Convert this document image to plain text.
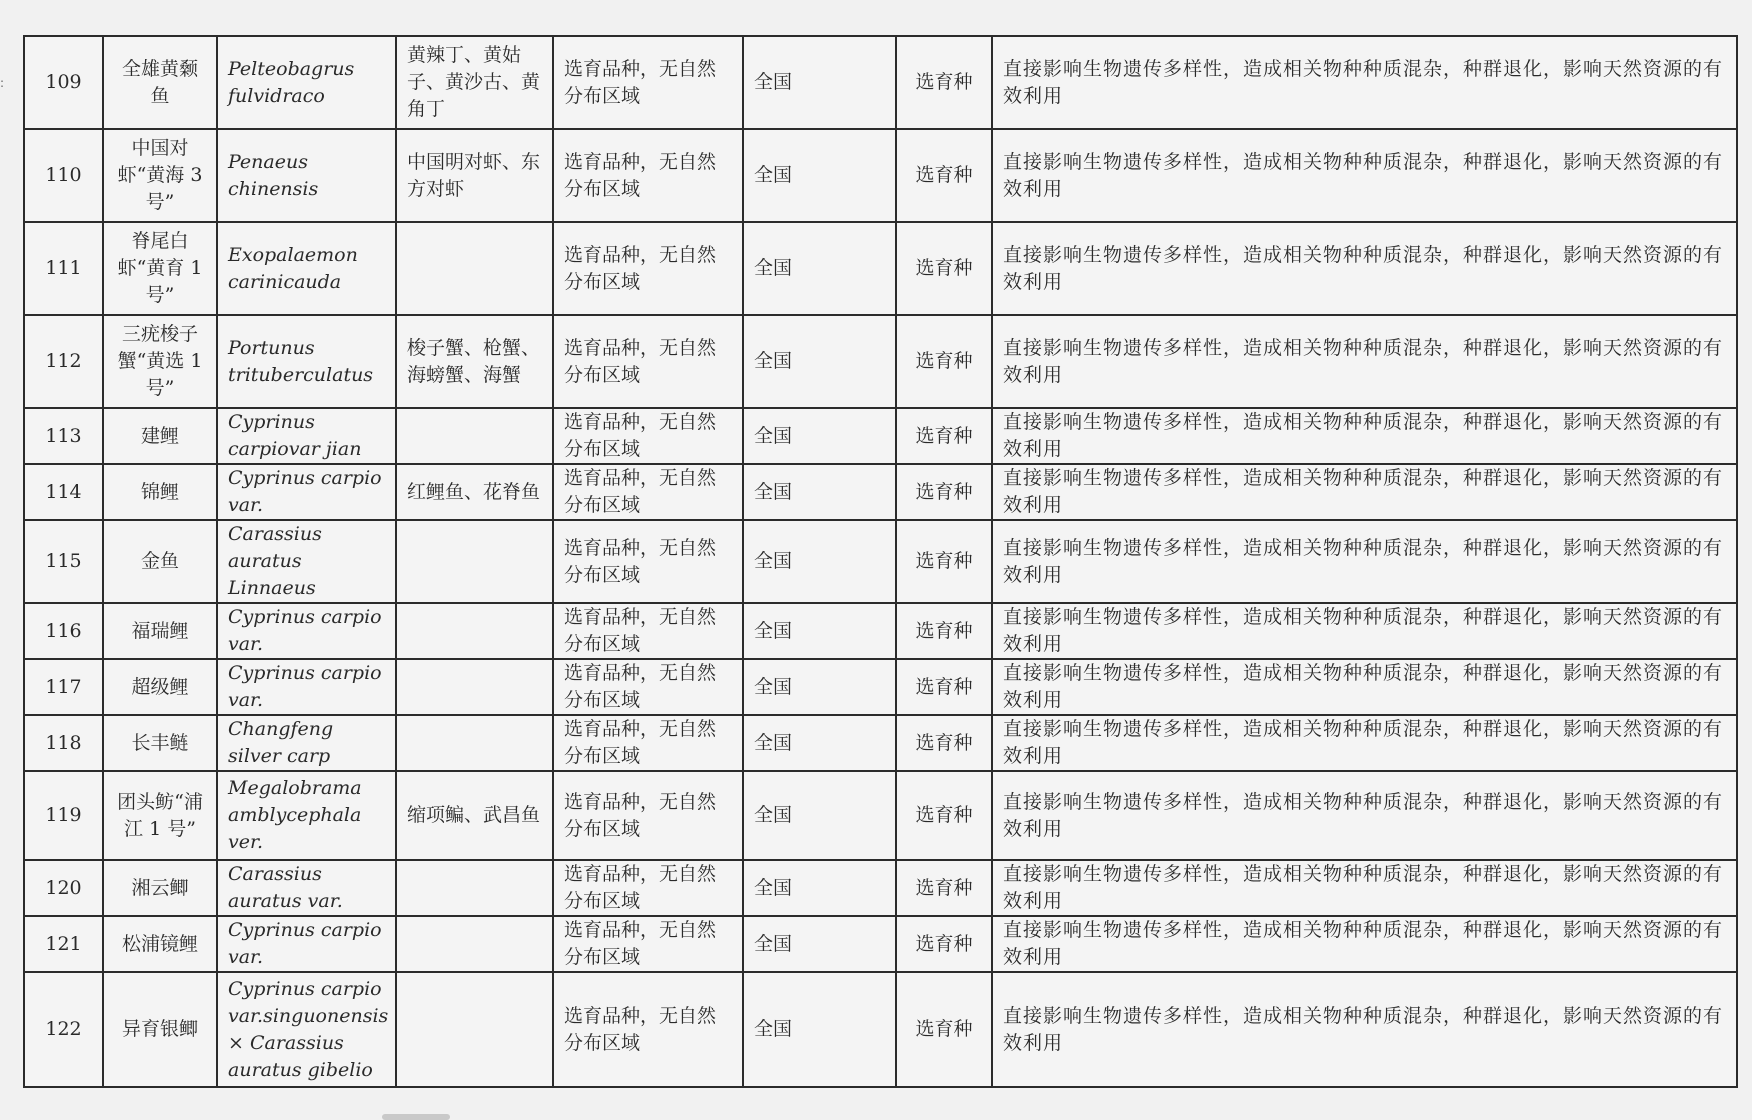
: 109	全雄黄颡鱼	Pelteobagrus fulvidraco	黄辣丁、黄姑子、黄沙古、黄角丁	选育品种，无自然分布区域	全国	选育种	直接影响生物遗传多样性，造成相关物种种质混杂，种群退化，影响天然资源的有效利用
110	中国对虾“黄海 3 号”	Penaeus chinensis	中国明对虾、东方对虾	选育品种，无自然分布区域	全国	选育种	直接影响生物遗传多样性，造成相关物种种质混杂，种群退化，影响天然资源的有效利用
111	脊尾白虾“黄育 1 号”	Exopalaemon carinicauda		选育品种，无自然分布区域	全国	选育种	直接影响生物遗传多样性，造成相关物种种质混杂，种群退化，影响天然资源的有效利用
112	三疣梭子蟹“黄选 1 号”	Portunus trituberculatus	梭子蟹、枪蟹、海螃蟹、海蟹	选育品种，无自然分布区域	全国	选育种	直接影响生物遗传多样性，造成相关物种种质混杂，种群退化，影响天然资源的有效利用
113	建鲤	Cyprinus carpiovar jian		选育品种，无自然分布区域	全国	选育种	直接影响生物遗传多样性，造成相关物种种质混杂，种群退化，影响天然资源的有效利用
114	锦鲤	Cyprinus carpio var.	红鲤鱼、花脊鱼	选育品种，无自然分布区域	全国	选育种	直接影响生物遗传多样性，造成相关物种种质混杂，种群退化，影响天然资源的有效利用
115	金鱼	Carassius auratus Linnaeus		选育品种，无自然分布区域	全国	选育种	直接影响生物遗传多样性，造成相关物种种质混杂，种群退化，影响天然资源的有效利用
116	福瑞鲤	Cyprinus carpio var.		选育品种，无自然分布区域	全国	选育种	直接影响生物遗传多样性，造成相关物种种质混杂，种群退化，影响天然资源的有效利用
117	超级鲤	Cyprinus carpio var.		选育品种，无自然分布区域	全国	选育种	直接影响生物遗传多样性，造成相关物种种质混杂，种群退化，影响天然资源的有效利用
118	长丰鲢	Changfeng silver carp		选育品种，无自然分布区域	全国	选育种	直接影响生物遗传多样性，造成相关物种种质混杂，种群退化，影响天然资源的有效利用
119	团头鲂“浦江 1 号”	Megalobrama amblycephala ver.	缩项鳊、武昌鱼	选育品种，无自然分布区域	全国	选育种	直接影响生物遗传多样性，造成相关物种种质混杂，种群退化，影响天然资源的有效利用
120	湘云鲫	Carassius auratus var.		选育品种，无自然分布区域	全国	选育种	直接影响生物遗传多样性，造成相关物种种质混杂，种群退化，影响天然资源的有效利用
121	松浦镜鲤	Cyprinus carpio var.		选育品种，无自然分布区域	全国	选育种	直接影响生物遗传多样性，造成相关物种种质混杂，种群退化，影响天然资源的有效利用
122	异育银鲫	Cyprinus carpio var.singuonensis × Carassius auratus gibelio		选育品种，无自然分布区域	全国	选育种	直接影响生物遗传多样性，造成相关物种种质混杂，种群退化，影响天然资源的有效利用
